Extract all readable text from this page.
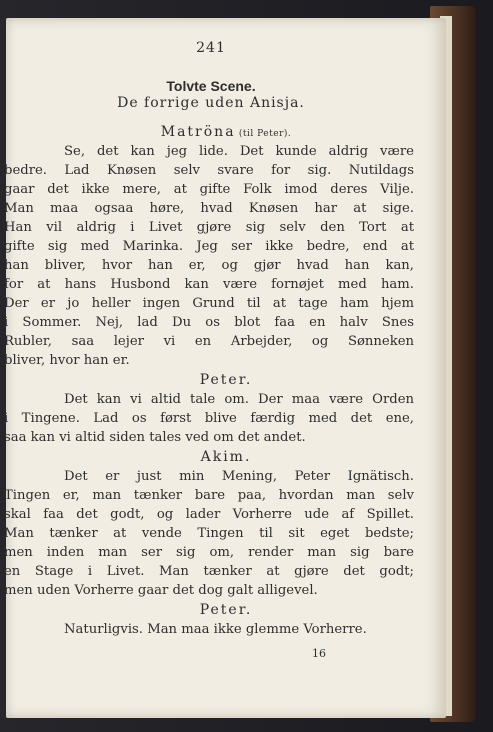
241
Tolvte Scene.
De forrige uden Anisja.
Matröna (til Peter).

Se, det kan jeg lide. Det kunde aldrig være
bedre. Lad Knøsen selv svare for sig. Nutildags
gaar det ikke mere, at gifte Folk imod deres Vilje.
Man maa ogsaa høre, hvad Knøsen har at sige.
Han vil aldrig i Livet gjøre sig selv den Tort at
gifte sig med Marinka. Jeg ser ikke bedre, end at
han bliver, hvor han er, og gjør hvad han kan,
for at hans Husbond kan være fornøjet med ham.
Der er jo heller ingen Grund til at tage ham hjem
i Sommer. Nej, lad Du os blot faa en halv Snes
Rubler, saa lejer vi en Arbejder, og Sønneken
bliver, hvor han er.

Peter.

Det kan vi altid tale om. Der maa være Orden
i Tingene. Lad os først blive færdig med det ene,
saa kan vi altid siden tales ved om det andet.

Akim.

Det er just min Mening, Peter Ignätisch.
Tingen er, man tænker bare paa, hvordan man selv
skal faa det godt, og lader Vorherre ude af Spillet.
Man tænker at vende Tingen til sit eget bedste;
men inden man ser sig om, render man sig bare
en Stage i Livet. Man tænker at gjøre det godt;
men uden Vorherre gaar det dog galt alligevel.

Peter.

Naturligvis. Man maa ikke glemme Vorherre.

16
